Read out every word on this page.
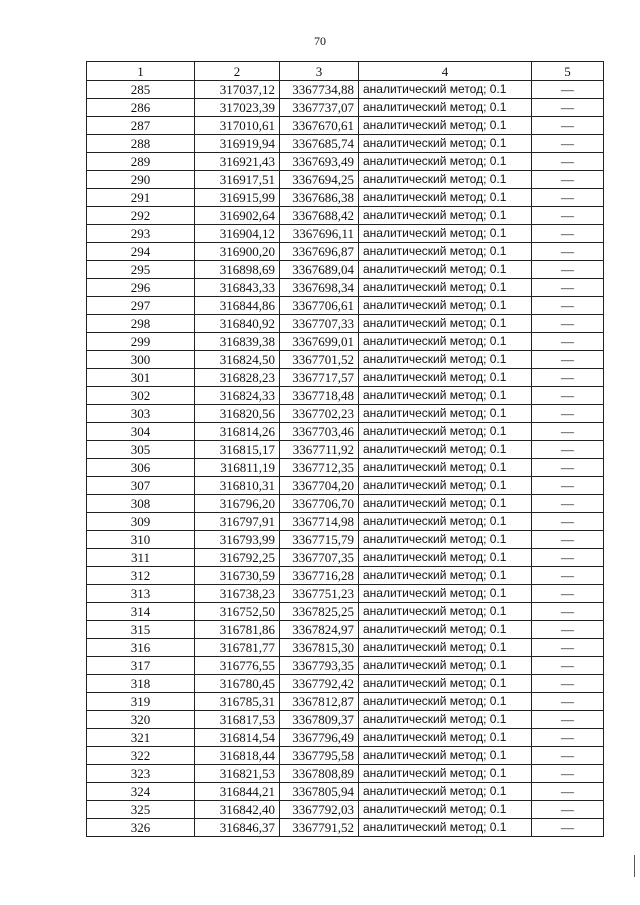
70
1	2	3	4	5
285	317037,12	3367734,88	аналитический метод; 0.1	—
286	317023,39	3367737,07	аналитический метод; 0.1	—
287	317010,61	3367670,61	аналитический метод; 0.1	—
288	316919,94	3367685,74	аналитический метод; 0.1	—
289	316921,43	3367693,49	аналитический метод; 0.1	—
290	316917,51	3367694,25	аналитический метод; 0.1	—
291	316915,99	3367686,38	аналитический метод; 0.1	—
292	316902,64	3367688,42	аналитический метод; 0.1	—
293	316904,12	3367696,11	аналитический метод; 0.1	—
294	316900,20	3367696,87	аналитический метод; 0.1	—
295	316898,69	3367689,04	аналитический метод; 0.1	—
296	316843,33	3367698,34	аналитический метод; 0.1	—
297	316844,86	3367706,61	аналитический метод; 0.1	—
298	316840,92	3367707,33	аналитический метод; 0.1	—
299	316839,38	3367699,01	аналитический метод; 0.1	—
300	316824,50	3367701,52	аналитический метод; 0.1	—
301	316828,23	3367717,57	аналитический метод; 0.1	—
302	316824,33	3367718,48	аналитический метод; 0.1	—
303	316820,56	3367702,23	аналитический метод; 0.1	—
304	316814,26	3367703,46	аналитический метод; 0.1	—
305	316815,17	3367711,92	аналитический метод; 0.1	—
306	316811,19	3367712,35	аналитический метод; 0.1	—
307	316810,31	3367704,20	аналитический метод; 0.1	—
308	316796,20	3367706,70	аналитический метод; 0.1	—
309	316797,91	3367714,98	аналитический метод; 0.1	—
310	316793,99	3367715,79	аналитический метод; 0.1	—
311	316792,25	3367707,35	аналитический метод; 0.1	—
312	316730,59	3367716,28	аналитический метод; 0.1	—
313	316738,23	3367751,23	аналитический метод; 0.1	—
314	316752,50	3367825,25	аналитический метод; 0.1	—
315	316781,86	3367824,97	аналитический метод; 0.1	—
316	316781,77	3367815,30	аналитический метод; 0.1	—
317	316776,55	3367793,35	аналитический метод; 0.1	—
318	316780,45	3367792,42	аналитический метод; 0.1	—
319	316785,31	3367812,87	аналитический метод; 0.1	—
320	316817,53	3367809,37	аналитический метод; 0.1	—
321	316814,54	3367796,49	аналитический метод; 0.1	—
322	316818,44	3367795,58	аналитический метод; 0.1	—
323	316821,53	3367808,89	аналитический метод; 0.1	—
324	316844,21	3367805,94	аналитический метод; 0.1	—
325	316842,40	3367792,03	аналитический метод; 0.1	—
326	316846,37	3367791,52	аналитический метод; 0.1	—
